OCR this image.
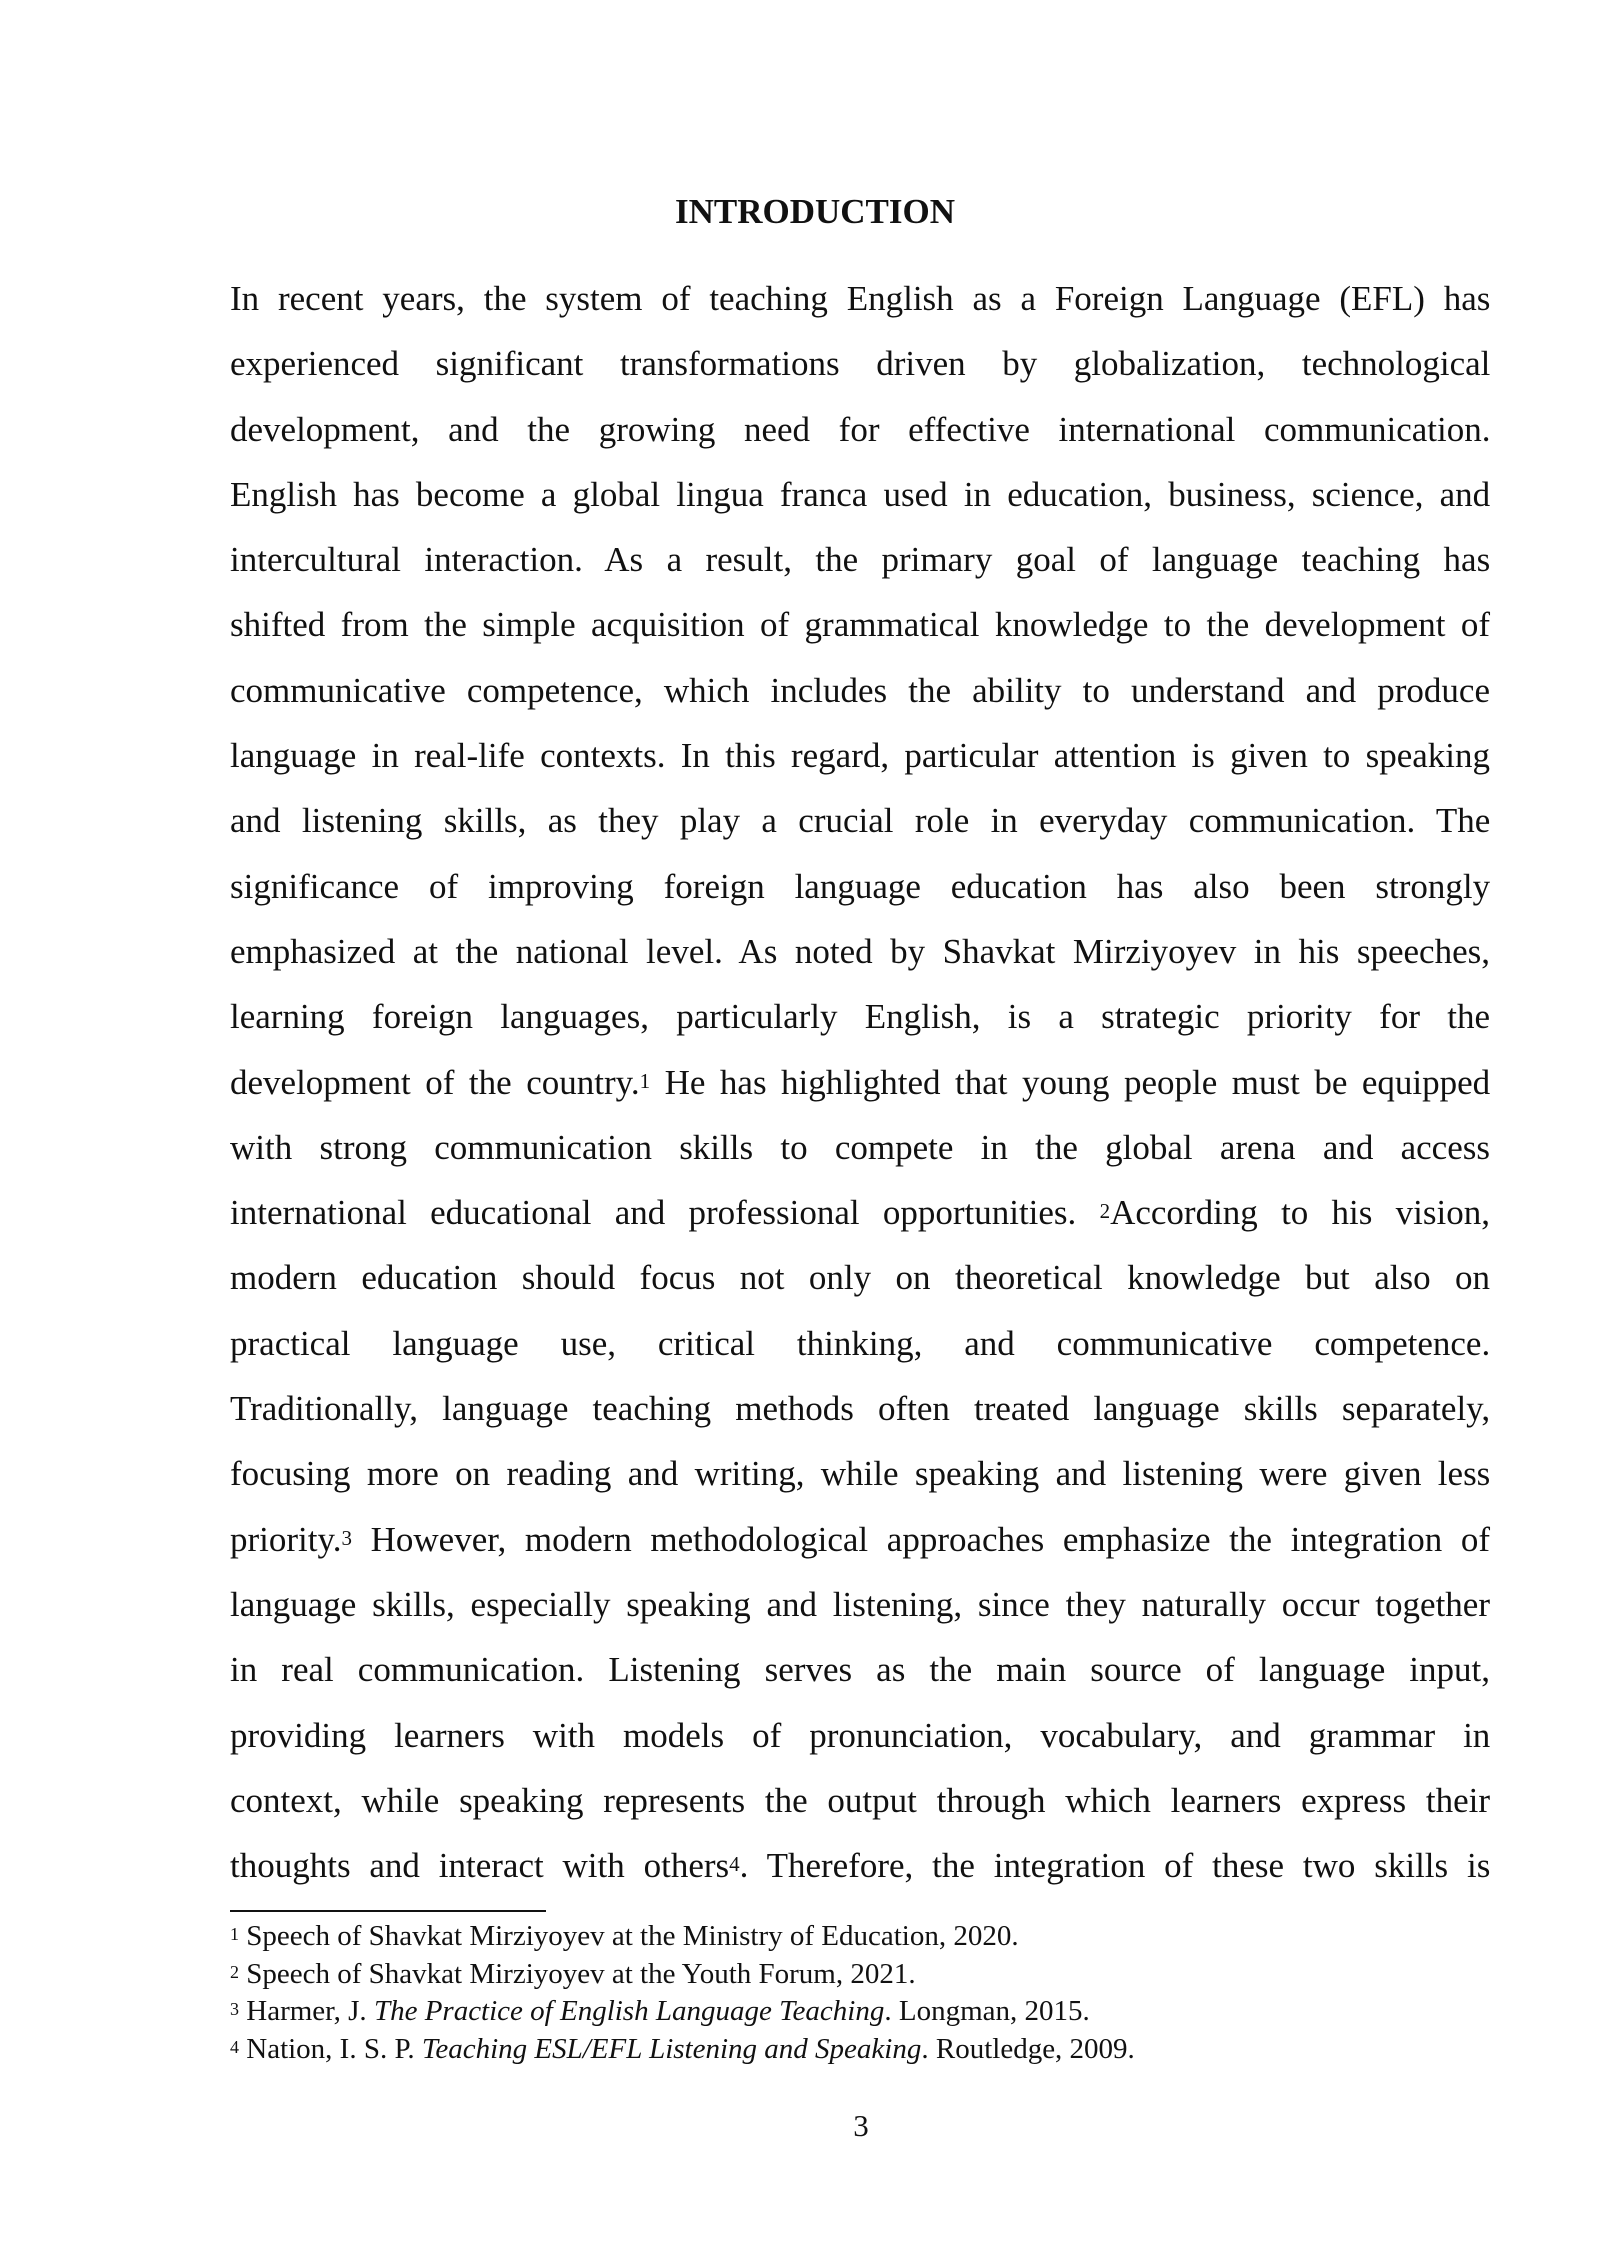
INTRODUCTION
In recent years, the system of teaching English as a Foreign Language (EFL) has
experienced significant transformations driven by globalization, technological
development, and the growing need for effective international communication.
English has become a global lingua franca used in education, business, science, and
intercultural interaction. As a result, the primary goal of language teaching has
shifted from the simple acquisition of grammatical knowledge to the development of
communicative competence, which includes the ability to understand and produce
language in real-life contexts. In this regard, particular attention is given to speaking
and listening skills, as they play a crucial role in everyday communication. The
significance of improving foreign language education has also been strongly
emphasized at the national level. As noted by Shavkat Mirziyoyev in his speeches,
learning foreign languages, particularly English, is a strategic priority for the
development of the country.$^1$ He has highlighted that young people must be equipped
with strong communication skills to compete in the global arena and access
international educational and professional opportunities. $^2$According to his vision,
modern education should focus not only on theoretical knowledge but also on
practical language use, critical thinking, and communicative competence.
Traditionally, language teaching methods often treated language skills separately,
focusing more on reading and writing, while speaking and listening were given less
priority.$^3$ However, modern methodological approaches emphasize the integration of
language skills, especially speaking and listening, since they naturally occur together
in real communication. Listening serves as the main source of language input,
providing learners with models of pronunciation, vocabulary, and grammar in
context, while speaking represents the output through which learners express their
thoughts and interact with others$^4$. Therefore, the integration of these two skills is
$^1$ Speech of Shavkat Mirziyoyev at the Ministry of Education, 2020.
$^2$ Speech of Shavkat Mirziyoyev at the Youth Forum, 2021.
$^3$ Harmer, J. The Practice of English Language Teaching. Longman, 2015.
$^4$ Nation, I. S. P. Teaching ESL/EFL Listening and Speaking. Routledge, 2009.
3
